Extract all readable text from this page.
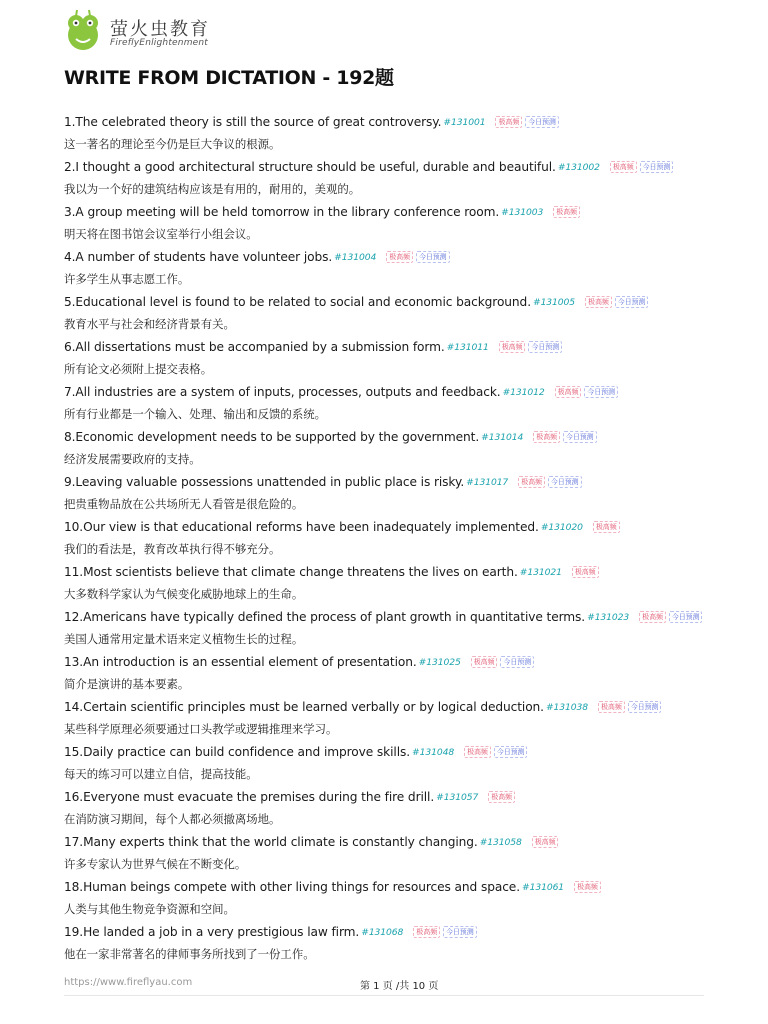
萤火虫教育
FireflyEnlightenment
WRITE FROM DICTATION - 192题
1.The celebrated theory is still the source of great controversy. #131001	极高频	今日预测
这一著名的理论至今仍是巨大争议的根源。
2.I thought a good architectural structure should be useful, durable and beautiful. #131002	极高频	今日预测
我以为一个好的建筑结构应该是有用的，耐用的，美观的。
3.A group meeting will be held tomorrow in the library conference room. #131003	极高频
明天将在图书馆会议室举行小组会议。
4.A number of students have volunteer jobs. #131004	极高频	今日预测
许多学生从事志愿工作。
5.Educational level is found to be related to social and economic background. #131005	极高频	今日预测
教育水平与社会和经济背景有关。
6.All dissertations must be accompanied by a submission form. #131011	极高频	今日预测
所有论文必须附上提交表格。
7.All industries are a system of inputs, processes, outputs and feedback. #131012	极高频	今日预测
所有行业都是一个输入、处理、输出和反馈的系统。
8.Economic development needs to be supported by the government. #131014	极高频	今日预测
经济发展需要政府的支持。
9.Leaving valuable possessions unattended in public place is risky. #131017	极高频	今日预测
把贵重物品放在公共场所无人看管是很危险的。
10.Our view is that educational reforms have been inadequately implemented. #131020	极高频
我们的看法是，教育改革执行得不够充分。
11.Most scientists believe that climate change threatens the lives on earth. #131021	极高频
大多数科学家认为气候变化威胁地球上的生命。
12.Americans have typically defined the process of plant growth in quantitative terms. #131023	极高频	今日预测
美国人通常用定量术语来定义植物生长的过程。
13.An introduction is an essential element of presentation. #131025	极高频	今日预测
简介是演讲的基本要素。
14.Certain scientific principles must be learned verbally or by logical deduction. #131038	极高频	今日预测
某些科学原理必须要通过口头教学或逻辑推理来学习。
15.Daily practice can build confidence and improve skills. #131048	极高频	今日预测
每天的练习可以建立自信，提高技能。
16.Everyone must evacuate the premises during the fire drill. #131057	极高频
在消防演习期间，每个人都必须撤离场地。
17.Many experts think that the world climate is constantly changing. #131058	极高频
许多专家认为世界气候在不断变化。
18.Human beings compete with other living things for resources and space. #131061	极高频
人类与其他生物竞争资源和空间。
19.He landed a job in a very prestigious law firm. #131068	极高频	今日预测
他在一家非常著名的律师事务所找到了一份工作。
https://www.fireflyau.com	第 1 页 /共 10 页
